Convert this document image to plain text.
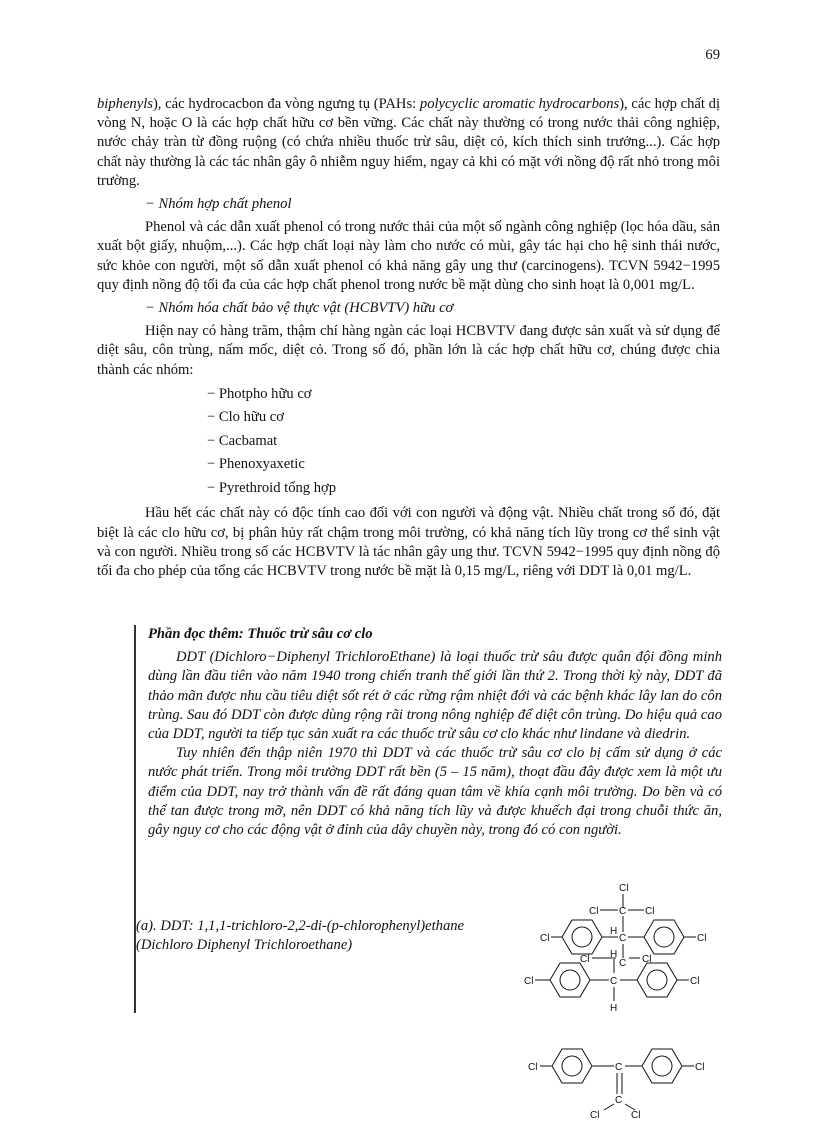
69

biphenyls), các hydrocacbon đa vòng ngưng tụ (PAHs: polycyclic aromatic hydrocarbons), các hợp chất dị vòng N, hoặc O là các hợp chất hữu cơ bền vững. Các chất này thường có trong nước thải công nghiệp, nước chảy tràn từ đồng ruộng (có chứa nhiều thuốc trừ sâu, diệt cỏ, kích thích sinh trưởng...). Các hợp chất này thường là các tác nhân gây ô nhiễm nguy hiểm, ngay cả khi có mặt với nồng độ rất nhỏ trong môi trường.

− Nhóm hợp chất phenol

Phenol và các dẫn xuất phenol có trong nước thải của một số ngành công nghiệp (lọc hóa dầu, sản xuất bột giấy, nhuộm,...). Các hợp chất loại này làm cho nước có mùi, gây tác hại cho hệ sinh thái nước, sức khỏe con người, một số dẫn xuất phenol có khả năng gây ung thư (carcinogens). TCVN 5942−1995 quy định nồng độ tối đa của các hợp chất phenol trong nước bề mặt dùng cho sinh hoạt là 0,001 mg/L.

− Nhóm hóa chất bảo vệ thực vật (HCBVTV) hữu cơ

Hiện nay có hàng trăm, thậm chí hàng ngàn các loại HCBVTV đang được sản xuất và sử dụng để diệt sâu, côn trùng, nấm mốc, diệt cỏ. Trong số đó, phần lớn là các hợp chất hữu cơ, chúng được chia thành các nhóm:

− Photpho hữu cơ
− Clo hữu cơ
− Cacbamat
− Phenoxyaxetic
− Pyrethroid tổng hợp

Hầu hết các chất này có độc tính cao đối với con người và động vật. Nhiều chất trong số đó, đặt biệt là các clo hữu cơ, bị phân hủy rất chậm trong môi trường, có khả năng tích lũy trong cơ thể sinh vật và con người. Nhiều trong số các HCBVTV là tác nhân gây ung thư. TCVN 5942−1995 quy định nồng độ tối đa cho phép của tổng các HCBVTV trong nước bề mặt là 0,15 mg/L, riêng với DDT là 0,01 mg/L.

Phần đọc thêm: Thuốc trừ sâu cơ clo

DDT (Dichloro−Diphenyl TrichloroEthane) là loại thuốc trừ sâu được quân đội đồng minh dùng lần đầu tiên vào năm 1940 trong chiến tranh thế giới lần thứ 2. Trong thời kỳ này, DDT đã thảo mãn được nhu cầu tiêu diệt sốt rét ở các rừng rậm nhiệt đới và các bệnh khác lây lan do côn trùng. Sau đó DDT còn được dùng rộng rãi trong nông nghiệp để diệt côn trùng. Do hiệu quả cao của DDT, người ta tiếp tục sản xuất ra các thuốc trừ sâu cơ clo khác như lindane và diedrin.

Tuy nhiên đến thập niên 1970 thì DDT và các thuốc trừ sâu cơ clo bị cấm sử dụng ở các nước phát triển. Trong môi trường DDT rất bền (5 – 15 năm), thoạt đầu đây được xem là một ưu điểm của DDT, nay trở thành vấn đề rất đáng quan tâm về khía cạnh môi trường. Do bền và có thể tan được trong mỡ, nên DDT có khả năng tích lũy và được khuếch đại trong chuỗi thức ăn, gây nguy cơ cho các động vật ở đỉnh của dây chuyền này, trong đó có con người.

(a). DDT: 1,1,1-trichloro-2,2-di-(p-chlorophenyl)ethane
(Dichloro Diphenyl Trichloroethane)
Cl
Cl C Cl
H
C
Cl	Cl
C
Cl	Cl
H
C
Cl	Cl
H
C
Cl	Cl
C
Cl	Cl
